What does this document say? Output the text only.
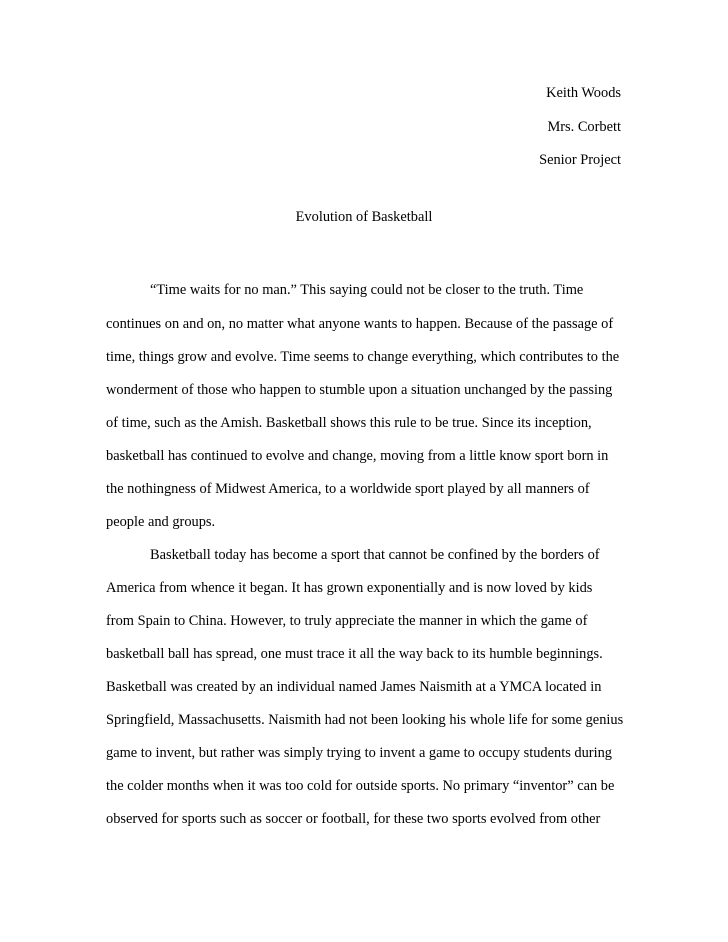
Keith Woods
Mrs. Corbett
Senior Project
Evolution of Basketball
“Time waits for no man.” This saying could not be closer to the truth. Time
continues on and on, no matter what anyone wants to happen. Because of the passage of
time, things grow and evolve. Time seems to change everything, which contributes to the
wonderment of those who happen to stumble upon a situation unchanged by the passing
of time, such as the Amish. Basketball shows this rule to be true. Since its inception,
basketball has continued to evolve and change, moving from a little know sport born in
the nothingness of Midwest America, to a worldwide sport played by all manners of
people and groups.
Basketball today has become a sport that cannot be confined by the borders of
America from whence it began. It has grown exponentially and is now loved by kids
from Spain to China. However, to truly appreciate the manner in which the game of
basketball ball has spread, one must trace it all the way back to its humble beginnings.
Basketball was created by an individual named James Naismith at a YMCA located in
Springfield, Massachusetts. Naismith had not been looking his whole life for some genius
game to invent, but rather was simply trying to invent a game to occupy students during
the colder months when it was too cold for outside sports. No primary “inventor” can be
observed for sports such as soccer or football, for these two sports evolved from other
